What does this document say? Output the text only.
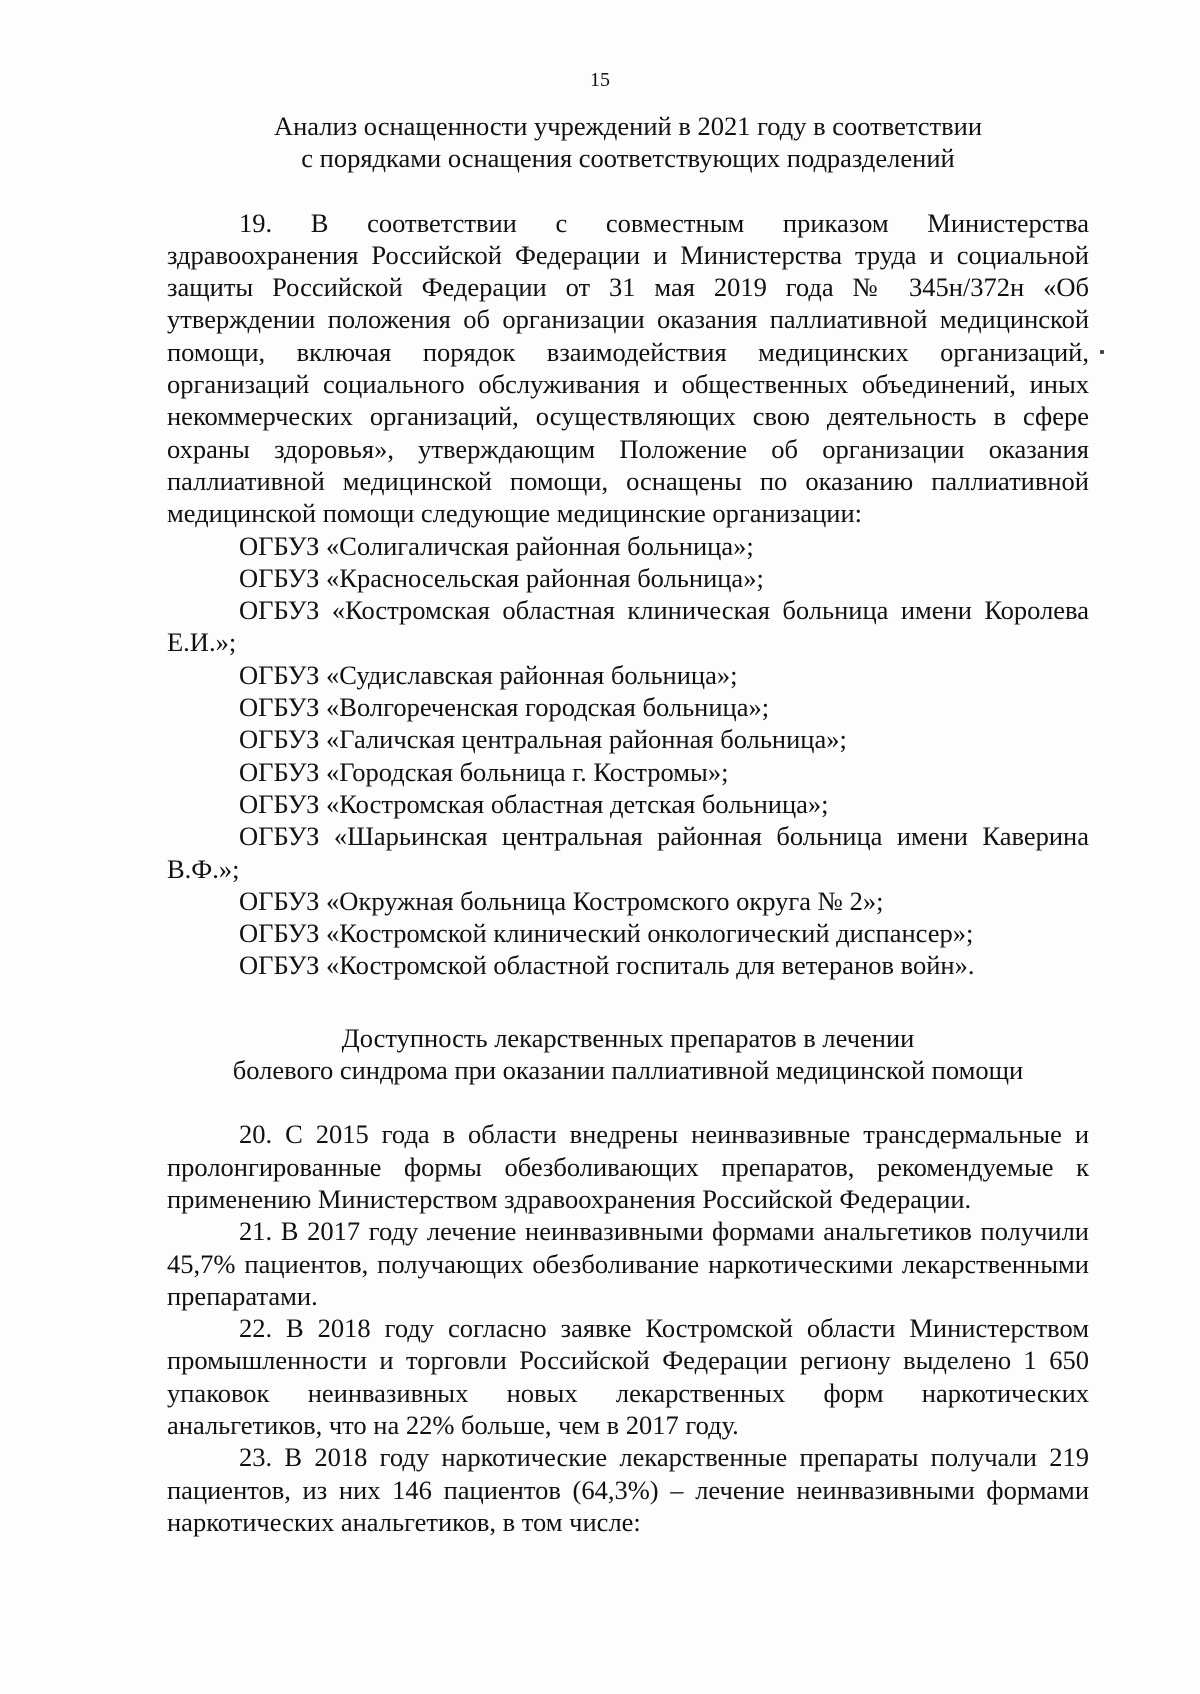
15
Анализ оснащенности учреждений в 2021 году в соответствии
с порядками оснащения соответствующих подразделений

19. В соответствии с совместным приказом Министерства здравоохранения Российской Федерации и Министерства труда и социальной защиты Российской Федерации от 31 мая 2019 года № 345н/372н «Об утверждении положения об организации оказания паллиативной медицинской помощи, включая порядок взаимодействия медицинских организаций, организаций социального обслуживания и общественных объединений, иных некоммерческих организаций, осуществляющих свою деятельность в сфере охраны здоровья», утверждающим Положение об организации оказания паллиативной медицинской помощи, оснащены по оказанию паллиативной медицинской помощи следующие медицинские организации:

ОГБУЗ «Солигаличская районная больница»;

ОГБУЗ «Красносельская районная больница»;

ОГБУЗ «Костромская областная клиническая больница имени Королева Е.И.»;

ОГБУЗ «Судиславская районная больница»;

ОГБУЗ «Волгореченская городская больница»;

ОГБУЗ «Галичская центральная районная больница»;

ОГБУЗ «Городская больница г. Костромы»;

ОГБУЗ «Костромская областная детская больница»;

ОГБУЗ «Шарьинская центральная районная больница имени Каверина В.Ф.»;

ОГБУЗ «Окружная больница Костромского округа № 2»;

ОГБУЗ «Костромской клинический онкологический диспансер»;

ОГБУЗ «Костромской областной госпиталь для ветеранов войн».

Доступность лекарственных препаратов в лечении
болевого синдрома при оказании паллиативной медицинской помощи

20. С 2015 года в области внедрены неинвазивные трансдермальные и пролонгированные формы обезболивающих препаратов, рекомендуемые к применению Министерством здравоохранения Российской Федерации.

21. В 2017 году лечение неинвазивными формами анальгетиков получили 45,7% пациентов, получающих обезболивание наркотическими лекарственными препаратами.

22. В 2018 году согласно заявке Костромской области Министерством промышленности и торговли Российской Федерации региону выделено 1 650 упаковок неинвазивных новых лекарственных форм наркотических анальгетиков, что на 22% больше, чем в 2017 году.

23. В 2018 году наркотические лекарственные препараты получали 219 пациентов, из них 146 пациентов (64,3%) – лечение неинвазивными формами наркотических анальгетиков, в том числе:
